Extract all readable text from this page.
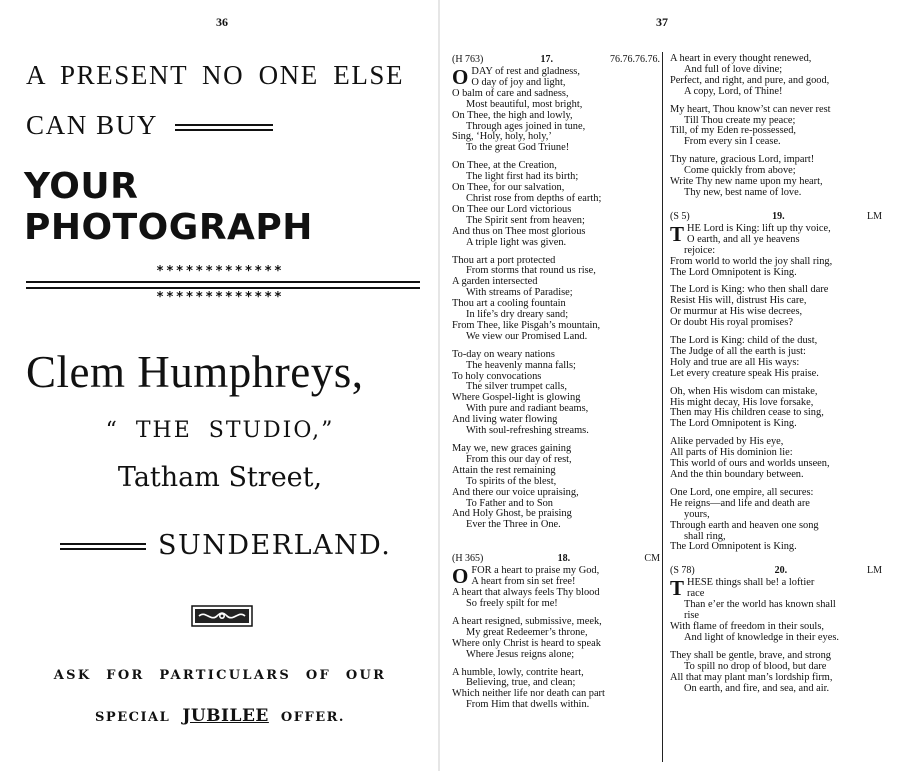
36
A PRESENT NO ONE ELSE
CAN BUY
YOUR PHOTOGRAPH
*************
*************
Clem Humphreys,
“ THE STUDIO,”
Tatham Street,
SUNDERLAND.
ASK FOR PARTICULARS OF OUR
SPECIAL JUBILEE OFFER.
37
(H 763)	17.	76.76.76.76.
ODAY of rest and gladness,
O day of joy and light,
O balm of care and sadness,
Most beautiful, most bright,
On Thee, the high and lowly,
Through ages joined in tune,
Sing, ‘Holy, holy, holy,’
To the great God Triune!
On Thee, at the Creation,
The light first had its birth;
On Thee, for our salvation,
Christ rose from depths of earth;
On Thee our Lord victorious
The Spirit sent from heaven;
And thus on Thee most glorious
A triple light was given.
Thou art a port protected
From storms that round us rise,
A garden intersected
With streams of Paradise;
Thou art a cooling fountain
In life’s dry dreary sand;
From Thee, like Pisgah’s mountain,
We view our Promised Land.
To-day on weary nations
The heavenly manna falls;
To holy convocations
The silver trumpet calls,
Where Gospel-light is glowing
With pure and radiant beams,
And living water flowing
With soul-refreshing streams.
May we, new graces gaining
From this our day of rest,
Attain the rest remaining
To spirits of the blest,
And there our voice upraising,
To Father and to Son
And Holy Ghost, be praising
Ever the Three in One.
(H 365)	18.	CM
OFOR a heart to praise my God,
A heart from sin set free!
A heart that always feels Thy blood
So freely spilt for me!
A heart resigned, submissive, meek,
My great Redeemer’s throne,
Where only Christ is heard to speak
Where Jesus reigns alone;
A humble, lowly, contrite heart,
Believing, true, and clean;
Which neither life nor death can part
From Him that dwells within.
A heart in every thought renewed,
And full of love divine;
Perfect, and right, and pure, and good,
A copy, Lord, of Thine!
My heart, Thou know’st can never rest
Till Thou create my peace;
Till, of my Eden re-possessed,
From every sin I cease.
Thy nature, gracious Lord, impart!
Come quickly from above;
Write Thy new name upon my heart,
Thy new, best name of love.
(S 5)	19.	LM
THE Lord is King: lift up thy voice,
O earth, and all ye heavens
rejoice:
From world to world the joy shall ring,
The Lord Omnipotent is King.
The Lord is King: who then shall dare
Resist His will, distrust His care,
Or murmur at His wise decrees,
Or doubt His royal promises?
The Lord is King: child of the dust,
The Judge of all the earth is just:
Holy and true are all His ways:
Let every creature speak His praise.
Oh, when His wisdom can mistake,
His might decay, His love forsake,
Then may His children cease to sing,
The Lord Omnipotent is King.
Alike pervaded by His eye,
All parts of His dominion lie:
This world of ours and worlds unseen,
And the thin boundary between.
One Lord, one empire, all secures:
He reigns—and life and death are
yours,
Through earth and heaven one song
shall ring,
The Lord Omnipotent is King.
(S 78)	20.	LM
THESE things shall be! a loftier
race
Than e’er the world has known shall
rise
With flame of freedom in their souls,
And light of knowledge in their eyes.
They shall be gentle, brave, and strong
To spill no drop of blood, but dare
All that may plant man’s lordship firm,
On earth, and fire, and sea, and air.
